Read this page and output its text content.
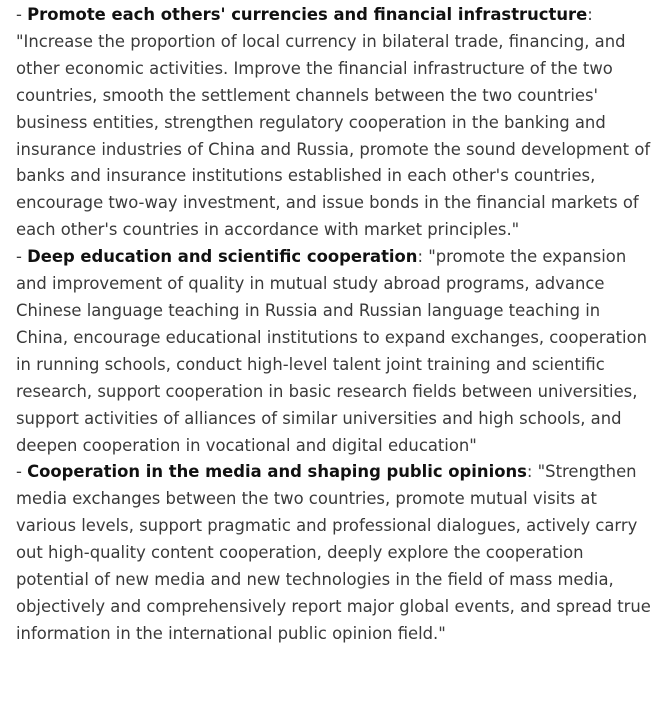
- Promote each others' currencies and financial infrastructure:
"Increase the proportion of local currency in bilateral trade, financing, and other economic activities. Improve the financial infrastructure of the two countries, smooth the settlement channels between the two countries' business entities, strengthen regulatory cooperation in the banking and insurance industries of China and Russia, promote the sound development of banks and insurance institutions established in each other's countries, encourage two-way investment, and issue bonds in the financial markets of each other's countries in accordance with market principles."

- Deep education and scientific cooperation: "promote the expansion and improvement of quality in mutual study abroad programs, advance Chinese language teaching in Russia and Russian language teaching in China, encourage educational institutions to expand exchanges, cooperation in running schools, conduct high-level talent joint training and scientific research, support cooperation in basic research fields between universities, support activities of alliances of similar universities and high schools, and deepen cooperation in vocational and digital education"

- Cooperation in the media and shaping public opinions: "Strengthen media exchanges between the two countries, promote mutual visits at various levels, support pragmatic and professional dialogues, actively carry out high-quality content cooperation, deeply explore the cooperation potential of new media and new technologies in the field of mass media, objectively and comprehensively report major global events, and spread true information in the international public opinion field."
